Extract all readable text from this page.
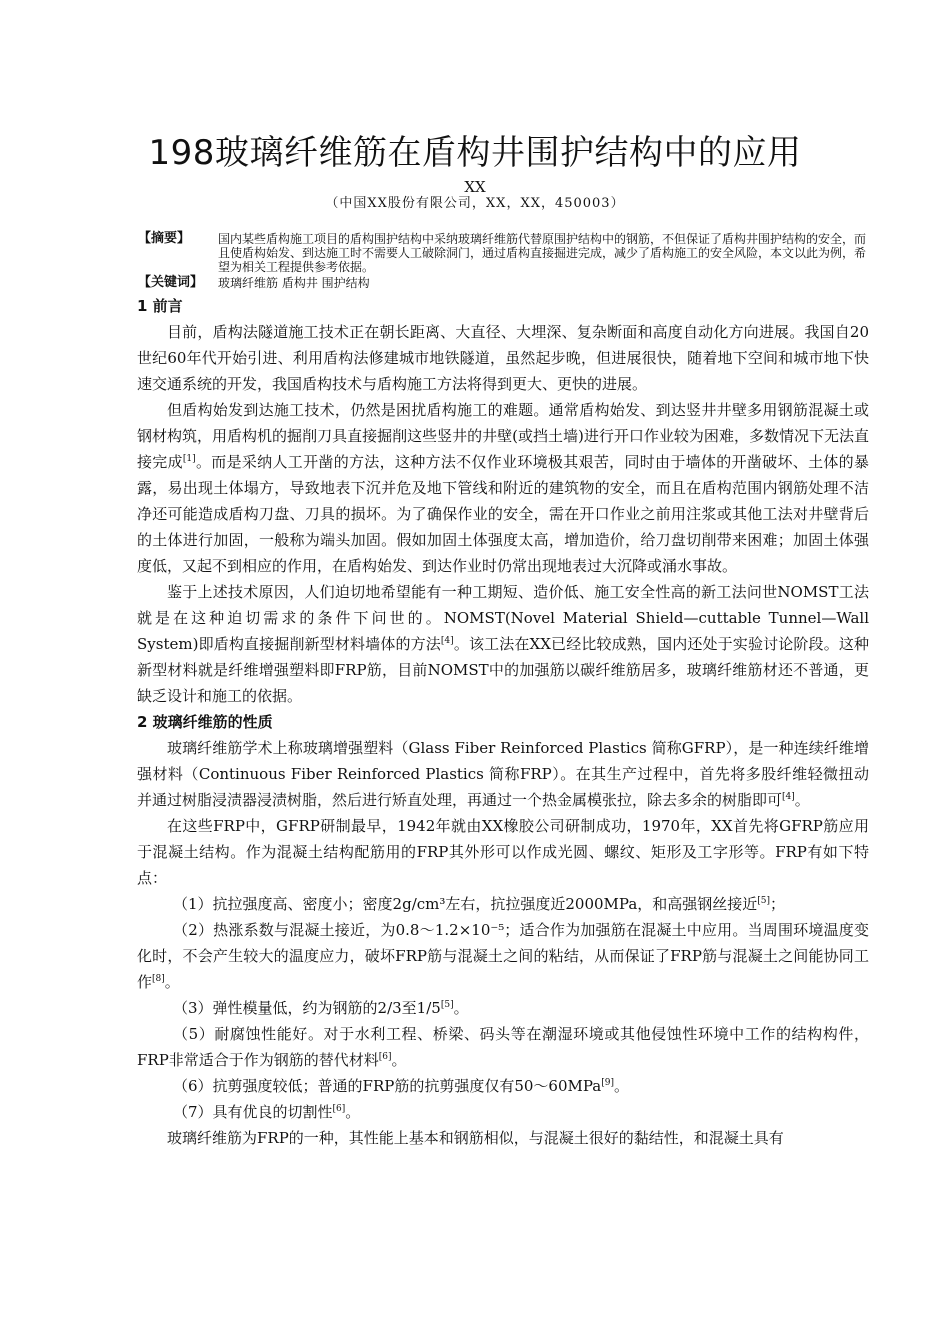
198玻璃纤维筋在盾构井围护结构中的应用
XX
（中国XX股份有限公司，XX，XX，450003）
【摘要】	国内某些盾构施工项目的盾构围护结构中采纳玻璃纤维筋代替原围护结构中的钢筋，不但保证了盾构井围护结构的安全，而且使盾构始发、到达施工时不需要人工破除洞门，通过盾构直接掘进完成，减少了盾构施工的安全风险，本文以此为例，希望为相关工程提供参考依据。
【关键词】	玻璃纤维筋 盾构井 围护结构
1 前言

目前，盾构法隧道施工技术正在朝长距离、大直径、大埋深、复杂断面和高度自动化方向进展。我国自20世纪60年代开始引进、利用盾构法修建城市地铁隧道，虽然起步晚，但进展很快，随着地下空间和城市地下快速交通系统的开发，我国盾构技术与盾构施工方法将得到更大、更快的进展。

但盾构始发到达施工技术，仍然是困扰盾构施工的难题。通常盾构始发、到达竖井井壁多用钢筋混凝土或钢材构筑，用盾构机的掘削刀具直接掘削这些竖井的井壁(或挡土墙)进行开口作业较为困难，多数情况下无法直接完成[1]。而是采纳人工开凿的方法，这种方法不仅作业环境极其艰苦，同时由于墙体的开凿破坏、土体的暴露，易出现土体塌方，导致地表下沉并危及地下管线和附近的建筑物的安全，而且在盾构范围内钢筋处理不洁净还可能造成盾构刀盘、刀具的损坏。为了确保作业的安全，需在开口作业之前用注浆或其他工法对井壁背后的土体进行加固，一般称为端头加固。假如加固土体强度太高，增加造价，给刀盘切削带来困难；加固土体强度低，又起不到相应的作用，在盾构始发、到达作业时仍常出现地表过大沉降或涌水事故。

鉴于上述技术原因，人们迫切地希望能有一种工期短、造价低、施工安全性高的新工法问世NOMST工法就是在这种迫切需求的条件下问世的。NOMST(Novel Material Shield—cuttable Tunnel—Wall System)即盾构直接掘削新型材料墙体的方法[4]。该工法在XX已经比较成熟，国内还处于实验讨论阶段。这种新型材料就是纤维增强塑料即FRP筋，目前NOMST中的加强筋以碳纤维筋居多，玻璃纤维筋材还不普通，更缺乏设计和施工的依据。

2 玻璃纤维筋的性质

玻璃纤维筋学术上称玻璃增强塑料（Glass Fiber Reinforced Plastics 简称GFRP），是一种连续纤维增强材料（Continuous Fiber Reinforced Plastics 简称FRP）。在其生产过程中，首先将多股纤维轻微扭动并通过树脂浸渍器浸渍树脂，然后进行矫直处理，再通过一个热金属模张拉，除去多余的树脂即可[4]。

在这些FRP中，GFRP研制最早，1942年就由XX橡胶公司研制成功，1970年，XX首先将GFRP筋应用于混凝土结构。作为混凝土结构配筋用的FRP其外形可以作成光圆、螺纹、矩形及工字形等。FRP有如下特点：

（1）抗拉强度高、密度小；密度2g/cm³左右，抗拉强度近2000MPa，和高强钢丝接近[5]；

（2）热涨系数与混凝土接近，为0.8～1.2×10⁻⁵；适合作为加强筋在混凝土中应用。当周围环境温度变化时，不会产生较大的温度应力，破坏FRP筋与混凝土之间的粘结，从而保证了FRP筋与混凝土之间能协同工作[8]。

（3）弹性模量低，约为钢筋的2/3至1/5[5]。

（5）耐腐蚀性能好。对于水利工程、桥梁、码头等在潮湿环境或其他侵蚀性环境中工作的结构构件，FRP非常适合于作为钢筋的替代材料[6]。

（6）抗剪强度较低；普通的FRP筋的抗剪强度仅有50～60MPa[9]。

（7）具有优良的切割性[6]。

玻璃纤维筋为FRP的一种，其性能上基本和钢筋相似，与混凝土很好的黏结性，和混凝土具有
